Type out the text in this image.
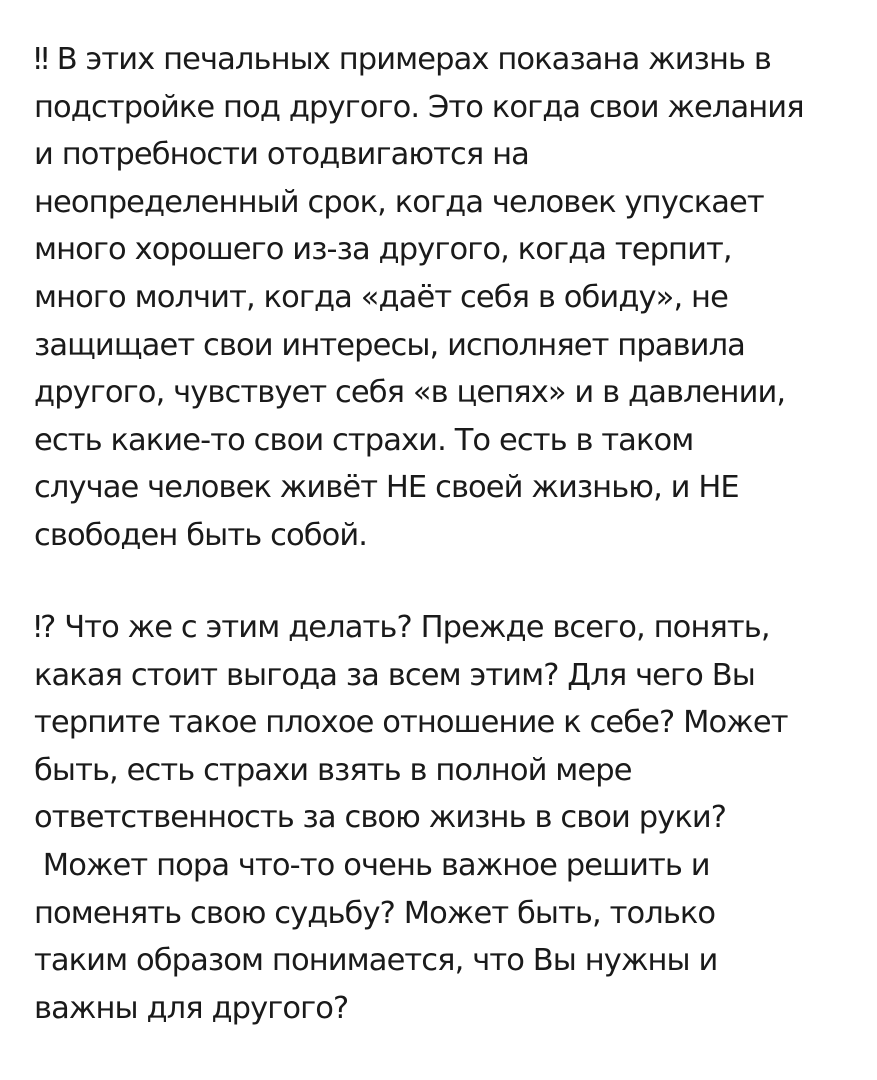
‼ В этих печальных примерах показана жизнь в
подстройке под другого. Это когда свои желания
и потребности отодвигаются на
неопределенный срок, когда человек упускает
много хорошего из-за другого, когда терпит,
много молчит, когда «даёт себя в обиду», не
защищает свои интересы, исполняет правила
другого, чувствует себя «в цепях» и в давлении,
есть какие-то свои страхи. То есть в таком
случае человек живёт НЕ своей жизнью, и НЕ
свободен быть собой.

⁉ Что же с этим делать? Прежде всего, понять,
какая стоит выгода за всем этим? Для чего Вы
терпите такое плохое отношение к себе? Может
быть, есть страхи взять в полной мере
ответственность за свою жизнь в свои руки?
Может пора что-то очень важное решить и
поменять свою судьбу? Может быть, только
таким образом понимается, что Вы нужны и
важны для другого?
